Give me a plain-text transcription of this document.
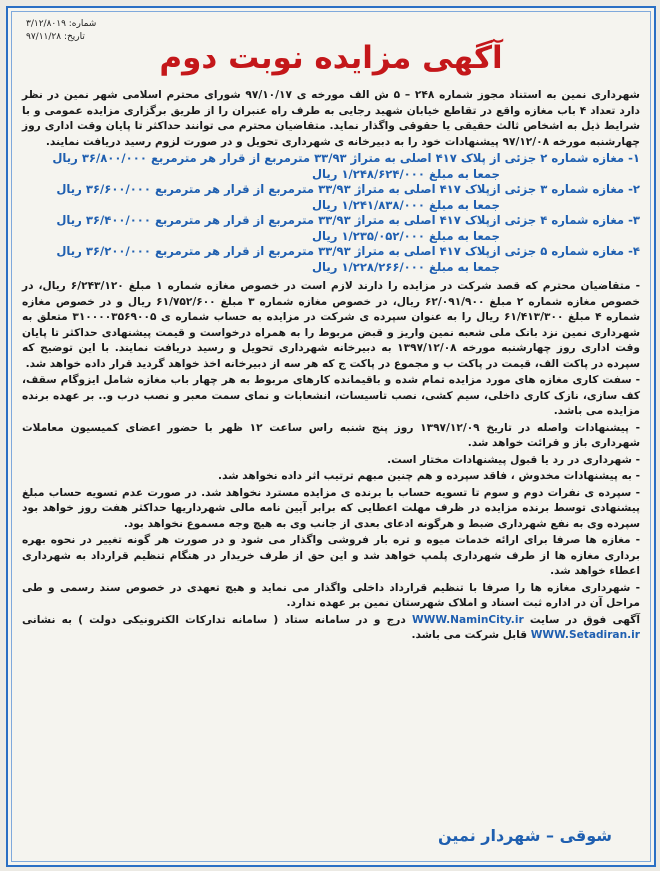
شماره: ۳/۱۲/۸۰۱۹
تاریخ: ۹۷/۱۱/۲۸
آگهی مزایده نوبت دوم

شهرداری نمین به استناد مجوز شماره ۲۴۸ – ۵ ش الف مورخه ی ۹۷/۱۰/۱۷ شورای محترم اسلامی شهر نمین در نظر دارد تعداد ۴ باب مغازه واقع در تقاطع خیابان شهید رجایی به طرف راه عنبران را از طریق برگزاری مزایده عمومی و با شرایط ذیل به اشخاص ثالث حقیقی یا حقوقی واگذار نماید. متقاضیان محترم می توانند حداکثر تا پایان وقت اداری روز چهارشنبه مورخه ۹۷/۱۲/۰۸ پیشنهادات خود را به دبیرخانه ی شهرداری تحویل و در صورت لزوم رسید دریافت نمایند.

۱- مغازه شماره ۲ جزئی از پلاک ۴۱۷ اصلی به متراژ ۳۳/۹۳ مترمربع از قرار هر مترمربع ۳۶/۸۰۰/۰۰۰ ریال
جمعا به مبلغ ۱/۲۴۸/۶۲۴/۰۰۰ ریال
۲- مغازه شماره ۳ جزئی ازپلاک ۴۱۷ اصلی به متراژ ۳۳/۹۳ مترمربع از قرار هر مترمربع ۳۶/۶۰۰/۰۰۰ ریال
جمعا به مبلغ ۱/۲۴۱/۸۳۸/۰۰۰ ریال
۳- مغازه شماره ۴ جزئی ازپلاک ۴۱۷ اصلی به متراژ ۳۳/۹۳ مترمربع از قرار هر مترمربع ۳۶/۴۰۰/۰۰۰ ریال
جمعا به مبلغ ۱/۲۳۵/۰۵۲/۰۰۰ ریال
۴- مغازه شماره ۵ جزئی ازپلاک ۴۱۷ اصلی به متراژ ۳۳/۹۳ مترمربع از قرار هر مترمربع ۳۶/۲۰۰/۰۰۰ ریال
جمعا به مبلغ ۱/۲۲۸/۲۶۶/۰۰۰ ریال

- متقاضیان محترم که قصد شرکت در مزایده را دارند لازم است در خصوص مغازه شماره ۱ مبلغ ۶/۲۴۳/۱۲۰ ریال، در خصوص مغازه شماره ۲ مبلغ ۶۲/۰۹۱/۹۰۰ ریال، در خصوص مغازه شماره ۳ مبلغ ۶۱/۷۵۲/۶۰۰ ریال و در خصوص مغازه شماره ۴ مبلغ ۶۱/۴۱۳/۳۰۰ ریال را به عنوان سپرده ی شرکت در مزایده به حساب شماره ی ۳۱۰۰۰۰۳۵۶۹۰۰۵ متعلق به شهرداری نمین نزد بانک ملی شعبه نمین واریز و قبض مربوط را به همراه درخواست و قیمت پیشنهادی حداکثر تا پایان وقت اداری روز چهارشنبه مورخه ۱۳۹۷/۱۲/۰۸ به دبیرخانه شهرداری تحویل و رسید دریافت نمایند. با این توضیح که سپرده در پاکت الف، قیمت در پاکت ب و مجموع در پاکت ج که هر سه از دبیرخانه اخذ خواهد گردید قرار داده خواهد شد.

- سفت کاری مغازه های مورد مزایده تمام شده و باقیمانده کارهای مربوط به هر چهار باب مغازه شامل ایزوگام سقف، کف سازی، نازک کاری داخلی، سیم کشی، نصب تاسیسات، انشعابات و نمای سمت معبر و نصب درب و.. بر عهده برنده مزایده می باشد.

- پیشنهادات واصله در تاریخ ۱۳۹۷/۱۲/۰۹ روز پنج شنبه راس ساعت ۱۲ ظهر با حضور اعضای کمیسیون معاملات شهرداری باز و قرائت خواهد شد.

- شهرداری در رد یا قبول پیشنهادات مختار است.

- به پیشنهادات مخدوش ، فاقد سپرده و هم چنین مبهم ترتیب اثر داده نخواهد شد.

- سپرده ی نفرات دوم و سوم تا تسویه حساب با برنده ی مزایده مسترد نخواهد شد. در صورت عدم تسویه حساب مبلغ پیشنهادی توسط برنده مزایده در ظرف مهلت اعطایی که برابر آیین نامه مالی شهرداریها حداکثر هفت روز خواهد بود سپرده وی به نفع شهرداری ضبط و هرگونه ادعای بعدی از جانب وی به هیچ وجه مسموع نخواهد بود.

- مغازه ها صرفا برای ارائه خدمات میوه و تره بار فروشی واگذار می شود و در صورت هر گونه تغییر در نحوه بهره برداری مغازه ها از طرف شهرداری پلمپ خواهد شد و این حق از طرف خریدار در هنگام تنظیم قرارداد به شهرداری اعطاء خواهد شد.

- شهرداری مغازه ها را صرفا با تنظیم قرارداد داخلی واگذار می نماید و هیچ تعهدی در خصوص سند رسمی و طی مراحل آن در اداره ثبت اسناد و املاک شهرستان نمین بر عهده ندارد.

آگهی فوق در سایت WWW.NaminCity.ir درج و در سامانه ستاد ( سامانه تدارکات الکترونیکی دولت ) به نشانی WWW.Setadiran.ir قابل شرکت می باشد.

شوقی – شهردار نمین
